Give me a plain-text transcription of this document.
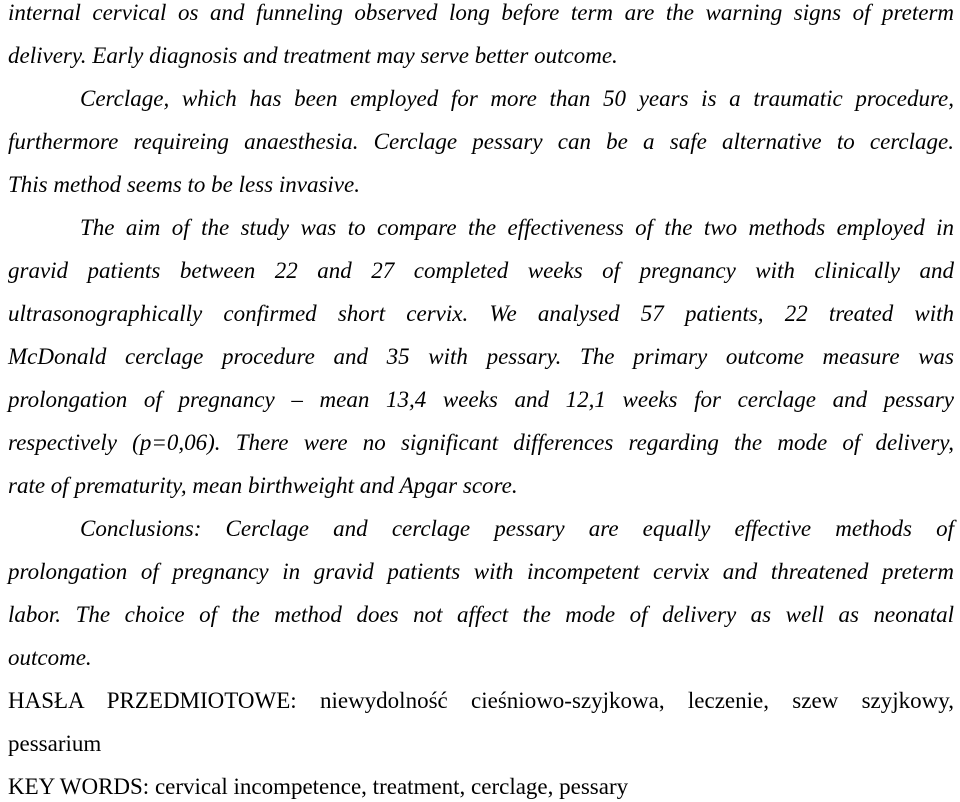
internal cervical os and funneling observed long before term are the warning signs of preterm
delivery. Early diagnosis and treatment may serve better outcome.
Cerclage, which has been employed for more than 50 years is a traumatic procedure,
furthermore requireing anaesthesia. Cerclage pessary can be a safe alternative to cerclage.
This method seems to be less invasive.
The aim of the study was to compare the effectiveness of the two methods employed in
gravid patients between 22 and 27 completed weeks of pregnancy with clinically and
ultrasonographically confirmed short cervix. We analysed 57 patients, 22 treated with
McDonald cerclage procedure and 35 with pessary. The primary outcome measure was
prolongation of pregnancy – mean 13,4 weeks and 12,1 weeks for cerclage and pessary
respectively (p=0,06). There were no significant differences regarding the mode of delivery,
rate of prematurity, mean birthweight and Apgar score.
Conclusions: Cerclage and cerclage pessary are equally effective methods of
prolongation of pregnancy in gravid patients with incompetent cervix and threatened preterm
labor. The choice of the method does not affect the mode of delivery as well as neonatal
outcome.
HASŁA PRZEDMIOTOWE: niewydolność cieśniowo-szyjkowa, leczenie, szew szyjkowy,
pessarium
KEY WORDS: cervical incompetence, treatment, cerclage, pessary
